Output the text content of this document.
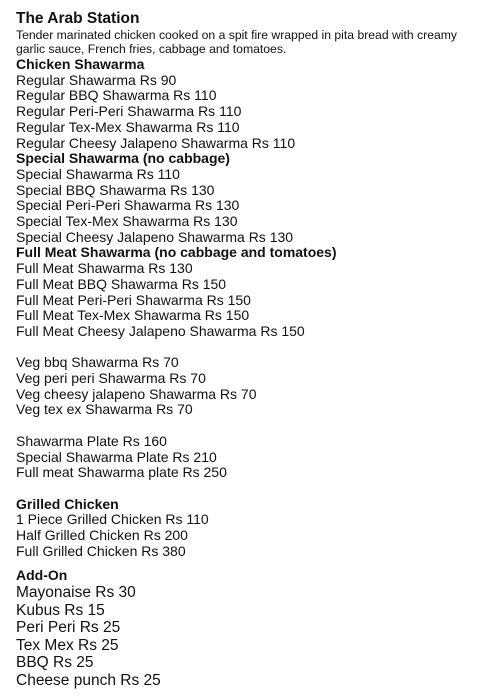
The Arab Station
Tender marinated chicken cooked on a spit fire wrapped in pita bread with creamy garlic sauce, French fries, cabbage and tomatoes.
Chicken Shawarma
Regular Shawarma Rs 90
Regular BBQ Shawarma Rs 110
Regular Peri-Peri Shawarma Rs 110
Regular Tex-Mex Shawarma Rs 110
Regular Cheesy Jalapeno Shawarma Rs 110
Special Shawarma (no cabbage)
Special Shawarma Rs 110
Special BBQ Shawarma Rs 130
Special Peri-Peri Shawarma Rs 130
Special Tex-Mex Shawarma Rs 130
Special Cheesy Jalapeno Shawarma Rs 130
Full Meat Shawarma (no cabbage and tomatoes)
Full Meat Shawarma Rs 130
Full Meat BBQ Shawarma Rs 150
Full Meat Peri-Peri Shawarma Rs 150
Full Meat Tex-Mex Shawarma Rs 150
Full Meat Cheesy Jalapeno Shawarma Rs 150
Veg bbq Shawarma Rs 70
Veg peri peri Shawarma Rs 70
Veg cheesy jalapeno Shawarma Rs 70
Veg tex ex Shawarma Rs 70
Shawarma Plate Rs 160
Special Shawarma Plate Rs 210
Full meat Shawarma plate Rs 250
Grilled Chicken
1 Piece Grilled Chicken Rs 110
Half Grilled Chicken Rs 200
Full Grilled Chicken Rs 380
Add-On
Mayonaise Rs 30
Kubus Rs 15
Peri Peri Rs 25
Tex Mex Rs 25
BBQ Rs 25
Cheese punch Rs 25
